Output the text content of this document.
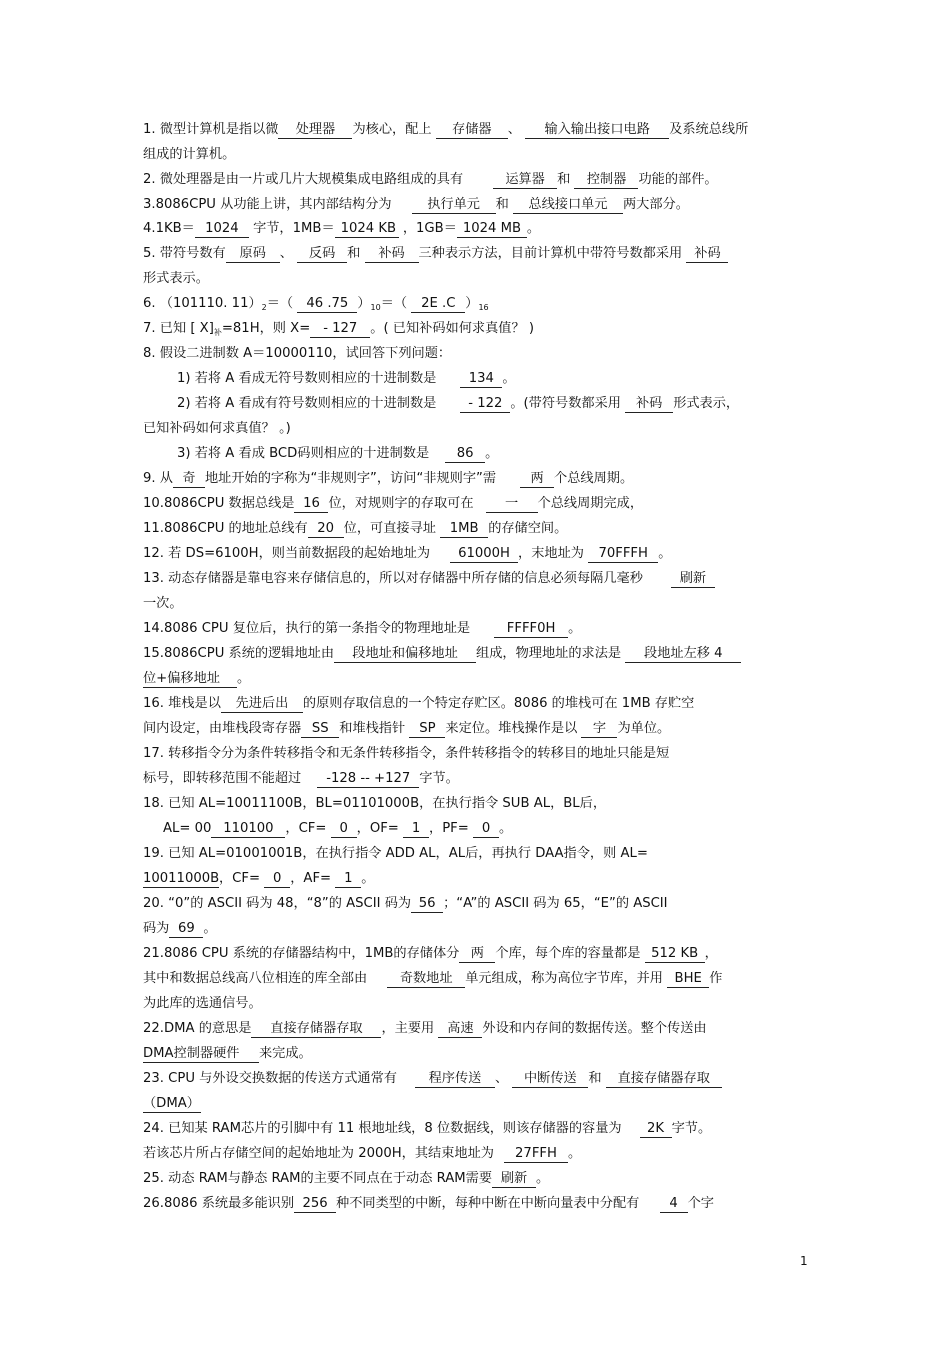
1. 微型计算机是指以微 处理器 为核心，配上 存储器 、 输入输出接口电路 及系统总线所
组成的计算机。
2. 微处理器是由一片或几片大规模集成电路组成的具有	运算器 和 控制器 功能的部件。
3.8086CPU 从功能上讲，其内部结构分为	执行单元 和 总线接口单元 两大部分。
4.1KB＝ 1024 字节，1MB＝ 1024 KB ，1GB＝ 1024 MB 。
5. 带符号数有 原码 、 反码 和 补码 三种表示方法，目前计算机中带符号数都采用 补码
形式表示。
6. （101110. $11)_2=$（ 46 .75 ）$_{10}=$（ 2E .C ）$_{16}$
7. 已知 [ $X]_补=81H$，则 X= - 127 。( 已知补码如何求真值？ )
8. 假设二进制数 A＝10000110，试回答下列问题：
1) 若将 A 看成无符号数则相应的十进制数是 134 。
2) 若将 A 看成有符号数则相应的十进制数是 - 122 。(带符号数都采用 补码 形式表示，
已知补码如何求真值？ 。)
3) 若将 A 看成 BCD码则相应的十进制数是 86 。
9. 从 奇 地址开始的字称为“非规则字”，访问“非规则字”需	两 个总线周期。
10.8086CPU 数据总线是 16 位，对规则字的存取可在 一 个总线周期完成，
11.8086CPU 的地址总线有 20 位，可直接寻址 1MB 的存储空间。
12. 若 DS=6100H，则当前数据段的起始地址为 61000H ，末地址为 70FFFH 。
13. 动态存储器是靠电容来存储信息的，所以对存储器中所存储的信息必须每隔几毫秒	刷新
一次。
14.8086 CPU 复位后，执行的第一条指令的物理地址是	FFFF0H 。
15.8086CPU 系统的逻辑地址由 段地址和偏移地址 组成，物理地址的求法是 段地址左移 4
位+偏移地址 。
16. 堆栈是以 先进后出 的原则存取信息的一个特定存贮区。8086 的堆栈可在 1MB 存贮空
间内设定，由堆栈段寄存器 SS 和堆栈指针 SP 来定位。堆栈操作是以 字 为单位。
17. 转移指令分为条件转移指令和无条件转移指令，条件转移指令的转移目的地址只能是短
标号，即转移范围不能超过 -128 -- +127 字节。
18. 已知 AL=10011100B，BL=01101000B，在执行指令 SUB AL，BL后，
AL= 00 110100 ，CF= 0 ，OF= 1 ，PF= 0 。
19. 已知 AL=01001001B，在执行指令 ADD AL，AL后，再执行 DAA指令，则 AL=
10011000B，CF= 0 ，AF= 1 。
20. “0”的 ASCII 码为 48，“8”的 ASCII 码为 56 ；“A”的 ASCII 码为 65，“E”的 ASCII
码为 69 。
21.8086 CPU 系统的存储器结构中，1MB的存储体分 两 个库，每个库的容量都是 512 KB ，
其中和数据总线高八位相连的库全部由 奇数地址 单元组成，称为高位字节库，并用 BHE 作
为此库的选通信号。
22.DMA 的意思是 直接存储器存取 ，主要用 高速 外设和内存间的数据传送。整个传送由
DMA控制器硬件 来完成。
23. CPU 与外设交换数据的传送方式通常有 程序传送 、 中断传送 和 直接存储器存取
（DMA）
24. 已知某 RAM芯片的引脚中有 11 根地址线，8 位数据线，则该存储器的容量为 2K 字节。
若该芯片所占存储空间的起始地址为 2000H，其结束地址为 27FFH 。
25. 动态 RAM与静态 RAM的主要不同点在于动态 RAM需要 刷新 。
26.8086 系统最多能识别 256 种不同类型的中断，每种中断在中断向量表中分配有 4 个字
1
